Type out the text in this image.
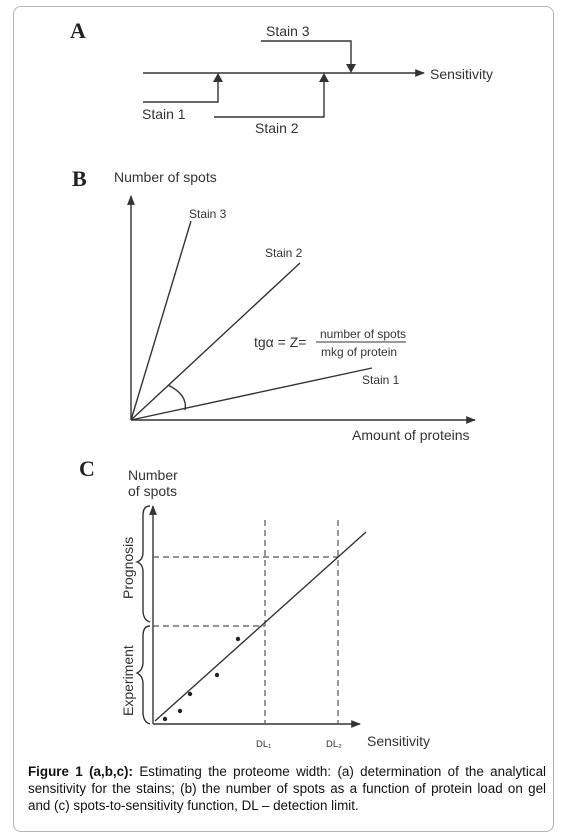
A
Sensitivity
Stain 1
Stain 2
Stain 3
B Number of spots
Amount of proteins
Stain 3
Stain 2
Stain 1
tgα = Z= number of spots
mkg of protein
C Number
of spots
Sensitivity
DL₁	DL₂
Prognosis
Experiment
Figure 1 (a,b,c): Estimating the proteome width: (a) determination of the analytical sensitivity for the stains; (b) the number of spots as a function of protein load on gel and (c) spots-to-sensitivity function, DL – detection limit.
